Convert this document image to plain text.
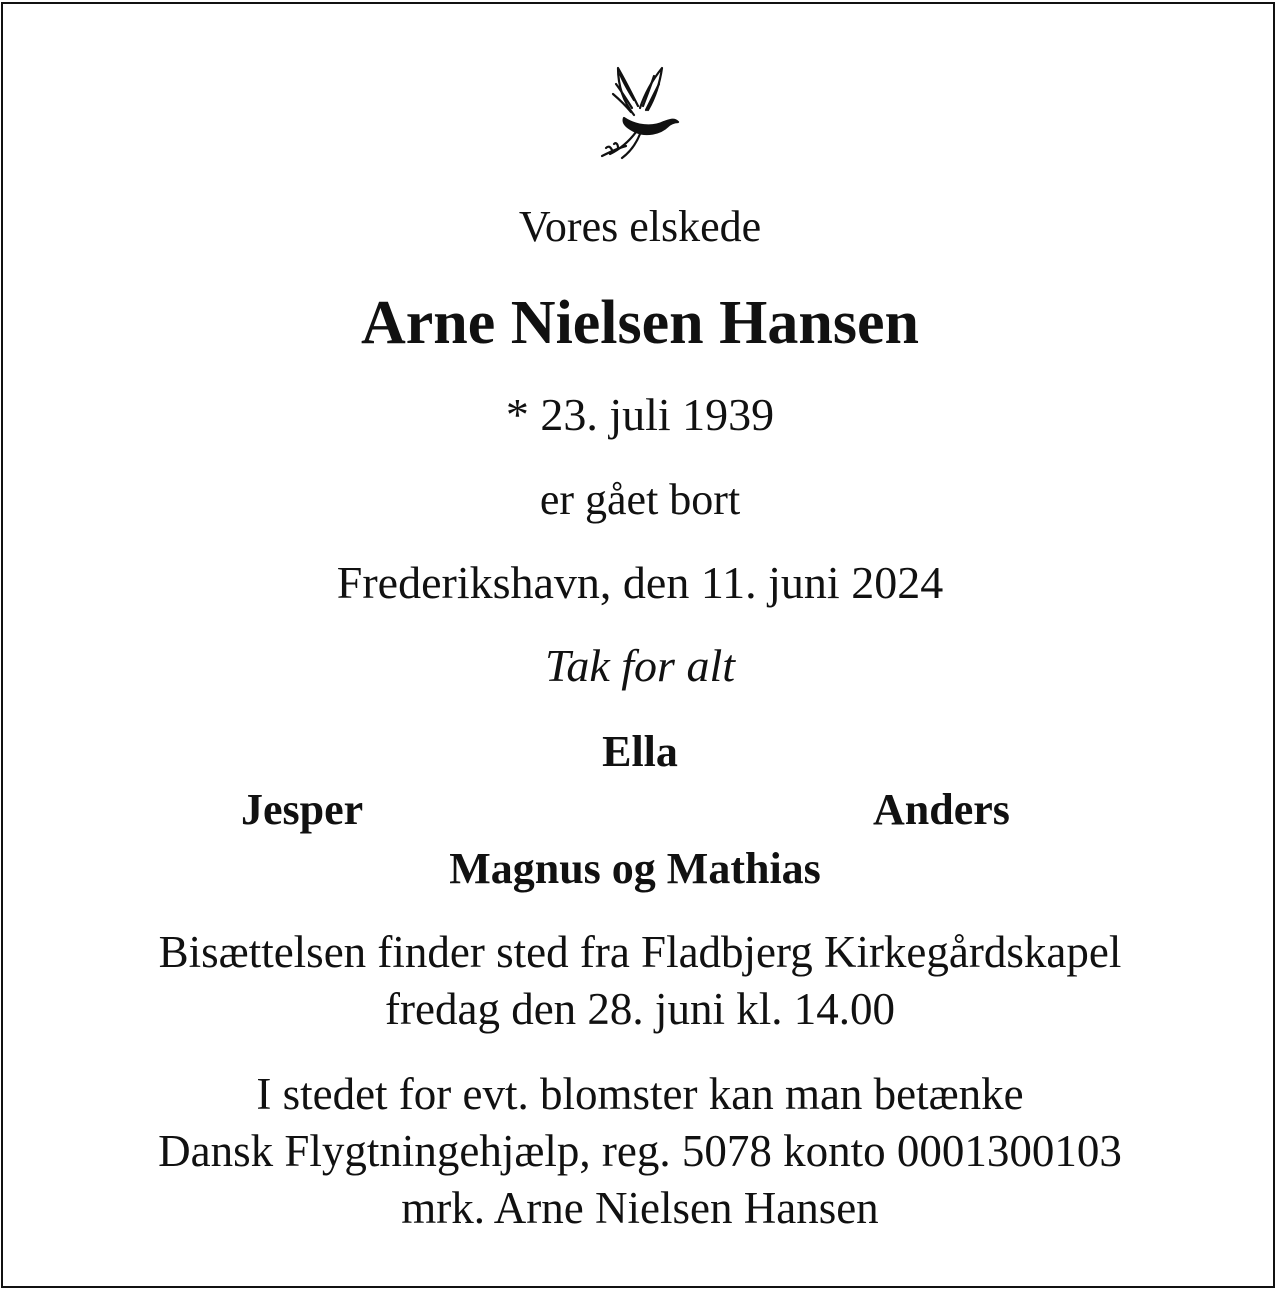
Vores elskede
Arne Nielsen Hansen
* 23. juli 1939
er gået bort
Frederikshavn, den 11. juni 2024
Tak for alt
Ella
Jesper	Anders
Magnus og Mathias
Bisættelsen finder sted fra Fladbjerg Kirkegårdskapel
fredag den 28. juni kl. 14.00
I stedet for evt. blomster kan man betænke
Dansk Flygtningehjælp, reg. 5078 konto 0001300103
mrk. Arne Nielsen Hansen
